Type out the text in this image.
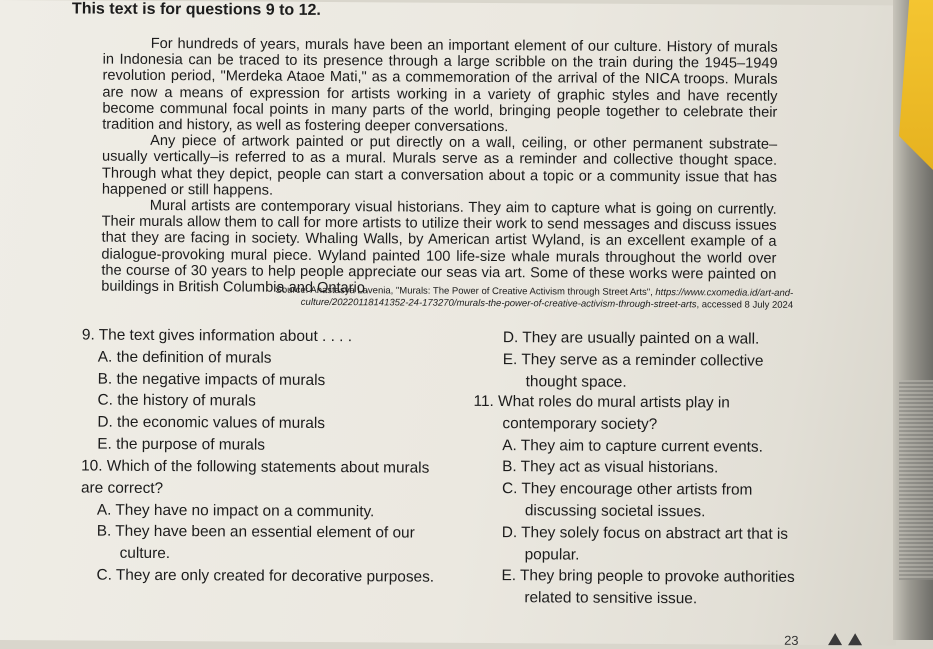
This text is for questions 9 to 12.

For hundreds of years, murals have been an important element of our culture. History of murals in Indonesia can be traced to its presence through a large scribble on the train during the 1945–1949 revolution period, "Merdeka Ataoe Mati," as a commemoration of the arrival of the NICA troops. Murals are now a means of expression for artists working in a variety of graphic styles and have recently become communal focal points in many parts of the world, bringing people together to celebrate their tradition and history, as well as fostering deeper conversations.

Any piece of artwork painted or put directly on a wall, ceiling, or other permanent substrate–usually vertically–is referred to as a mural. Murals serve as a reminder and collective thought space. Through what they depict, people can start a conversation about a topic or a community issue that has happened or still happens.

Mural artists are contemporary visual historians. They aim to capture what is going on currently. Their murals allow them to call for more artists to utilize their work to send messages and discuss issues that they are facing in society. Whaling Walls, by American artist Wyland, is an excellent example of a dialogue-provoking mural piece. Wyland painted 100 life-size whale murals throughout the world over the course of 30 years to help people appreciate our seas via art. Some of these works were painted on buildings in British Columbia and Ontario.

Source: Anastasya Lavenia, "Murals: The Power of Creative Activism through Street Arts", https://www.cxomedia.id/art-and-culture/20220118141352-24-173270/murals-the-power-of-creative-activism-through-street-arts, accessed 8 July 2024

9. The text gives information about . . . .

A. the definition of murals

B. the negative impacts of murals

C. the history of murals

D. the economic values of murals

E. the purpose of murals

D. They are usually painted on a wall.

E. They serve as a reminder collective thought space.

10. Which of the following statements about murals are correct?

A. They have no impact on a community.

B. They have been an essential element of our culture.

C. They are only created for decorative purposes.

11. What roles do mural artists play in contemporary society?

A. They aim to capture current events.

B. They act as visual historians.

C. They encourage other artists from discussing societal issues.

D. They solely focus on abstract art that is popular.

E. They bring people to provoke authorities related to sensitive issue.

23
